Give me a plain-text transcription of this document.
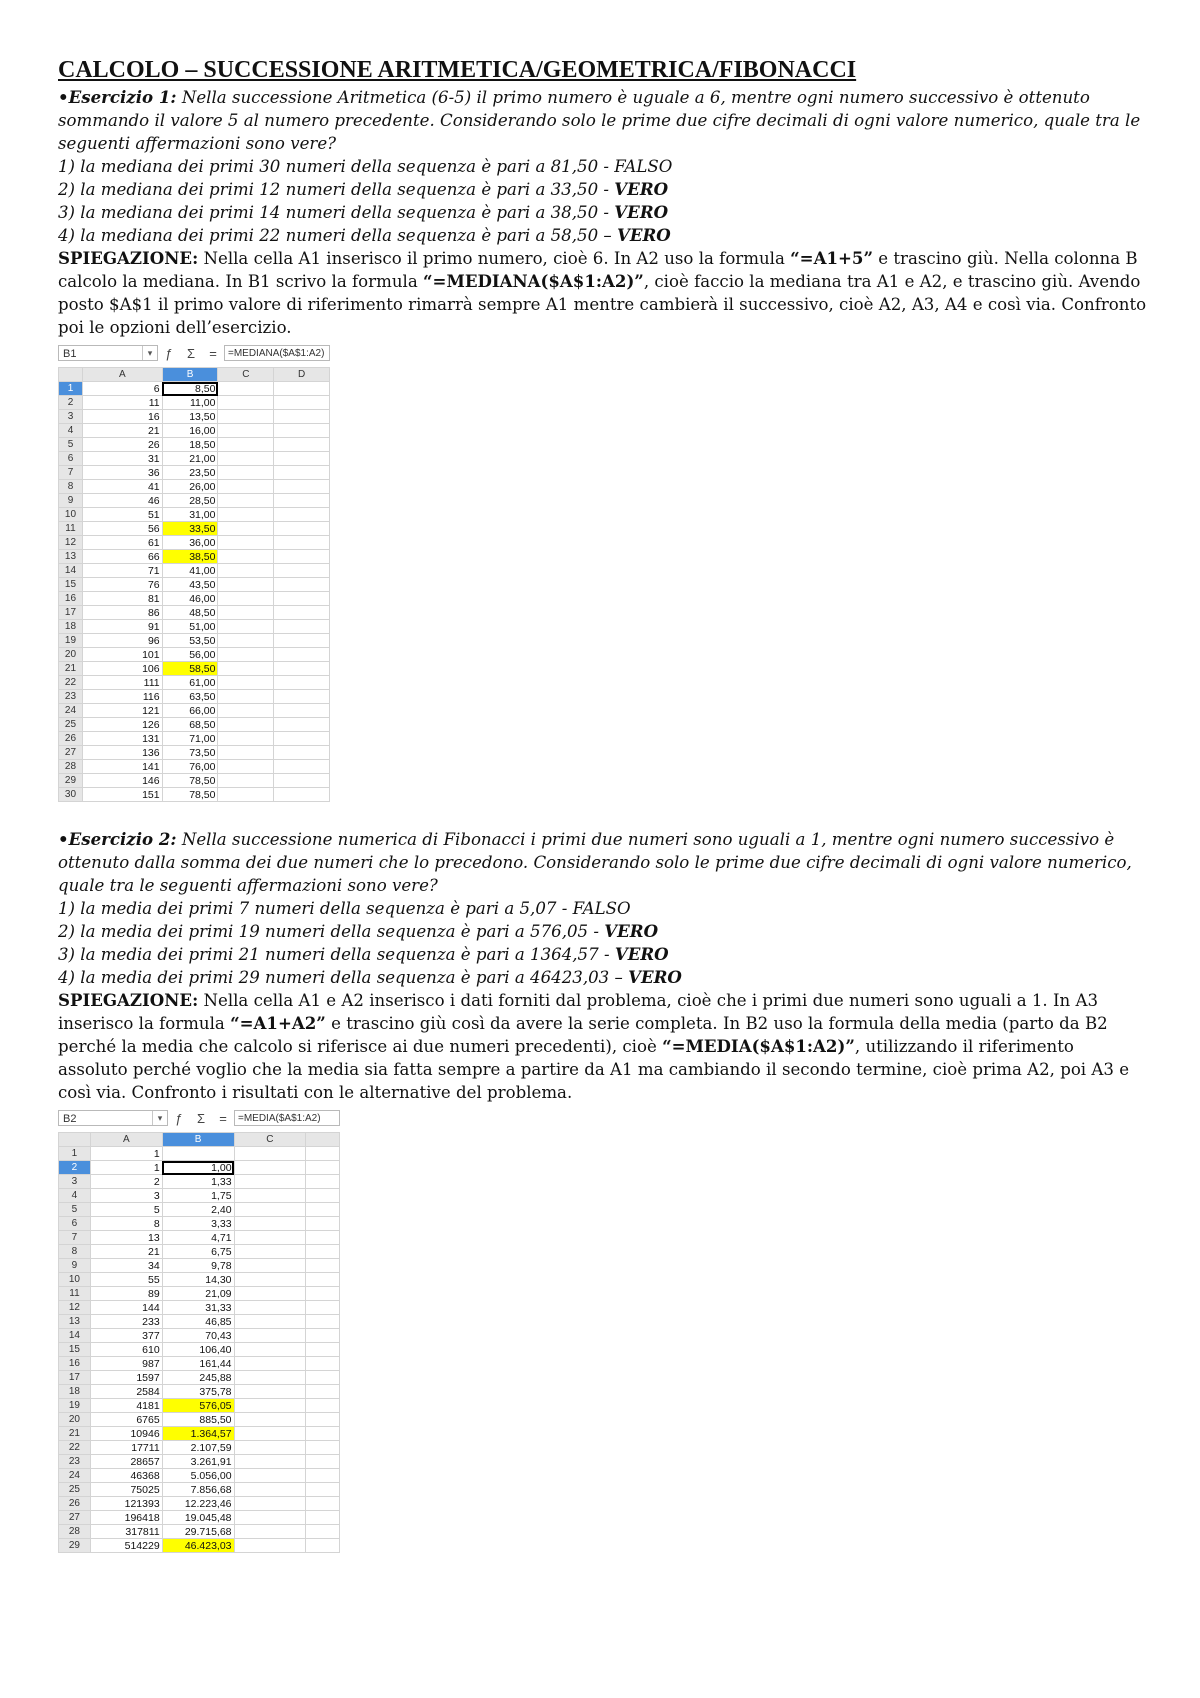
CALCOLO – SUCCESSIONE ARITMETICA/GEOMETRICA/FIBONACCI

•Esercizio 1: Nella successione Aritmetica (6-5) il primo numero è uguale a 6, mentre ogni numero successivo è ottenuto sommando il valore 5 al numero precedente. Considerando solo le prime due cifre decimali di ogni valore numerico, quale tra le seguenti affermazioni sono vere?

1) la mediana dei primi 30 numeri della sequenza è pari a 81,50 - FALSO

2) la mediana dei primi 12 numeri della sequenza è pari a 33,50 - VERO

3) la mediana dei primi 14 numeri della sequenza è pari a 38,50 - VERO

4) la mediana dei primi 22 numeri della sequenza è pari a 58,50 – VERO

SPIEGAZIONE: Nella cella A1 inserisco il primo numero, cioè 6. In A2 uso la formula “=A1+5” e trascino giù. Nella colonna B calcolo la mediana. In B1 scrivo la formula “=MEDIANA($A$1:A2)”, cioè faccio la mediana tra A1 e A2, e trascino giù. Avendo posto $A$1 il primo valore di riferimento rimarrà sempre A1 mentre cambierà il successivo, cioè A2, A3, A4 e così via. Confronto poi le opzioni dell’esercizio.

B1	▾	ƒ	Σ	=	=MEDIANA($A$1:A2)
	A	B	C	D
1	6	8,50		
2	11	11,00		
3	16	13,50		
4	21	16,00		
5	26	18,50		
6	31	21,00		
7	36	23,50		
8	41	26,00		
9	46	28,50		
10	51	31,00		
11	56	33,50		
12	61	36,00		
13	66	38,50		
14	71	41,00		
15	76	43,50		
16	81	46,00		
17	86	48,50		
18	91	51,00		
19	96	53,50		
20	101	56,00		
21	106	58,50		
22	111	61,00		
23	116	63,50		
24	121	66,00		
25	126	68,50		
26	131	71,00		
27	136	73,50		
28	141	76,00		
29	146	78,50		
30	151	78,50		

•Esercizio 2: Nella successione numerica di Fibonacci i primi due numeri sono uguali a 1, mentre ogni numero successivo è ottenuto dalla somma dei due numeri che lo precedono. Considerando solo le prime due cifre decimali di ogni valore numerico, quale tra le seguenti affermazioni sono vere?

1) la media dei primi 7 numeri della sequenza è pari a 5,07 - FALSO

2) la media dei primi 19 numeri della sequenza è pari a 576,05 - VERO

3) la media dei primi 21 numeri della sequenza è pari a 1364,57 - VERO

4) la media dei primi 29 numeri della sequenza è pari a 46423,03 – VERO

SPIEGAZIONE: Nella cella A1 e A2 inserisco i dati forniti dal problema, cioè che i primi due numeri sono uguali a 1. In A3 inserisco la formula “=A1+A2” e trascino giù così da avere la serie completa. In B2 uso la formula della media (parto da B2 perché la media che calcolo si riferisce ai due numeri precedenti), cioè “=MEDIA($A$1:A2)”, utilizzando il riferimento assoluto perché voglio che la media sia fatta sempre a partire da A1 ma cambiando il secondo termine, cioè prima A2, poi A3 e così via. Confronto i risultati con le alternative del problema.

B2	▾	ƒ	Σ	=	=MEDIA($A$1:A2)
	A	B	C	
1	1			
2	1	1,00		
3	2	1,33		
4	3	1,75		
5	5	2,40		
6	8	3,33		
7	13	4,71		
8	21	6,75		
9	34	9,78		
10	55	14,30		
11	89	21,09		
12	144	31,33		
13	233	46,85		
14	377	70,43		
15	610	106,40		
16	987	161,44		
17	1597	245,88		
18	2584	375,78		
19	4181	576,05		
20	6765	885,50		
21	10946	1.364,57		
22	17711	2.107,59		
23	28657	3.261,91		
24	46368	5.056,00		
25	75025	7.856,68		
26	121393	12.223,46		
27	196418	19.045,48		
28	317811	29.715,68		
29	514229	46.423,03		
